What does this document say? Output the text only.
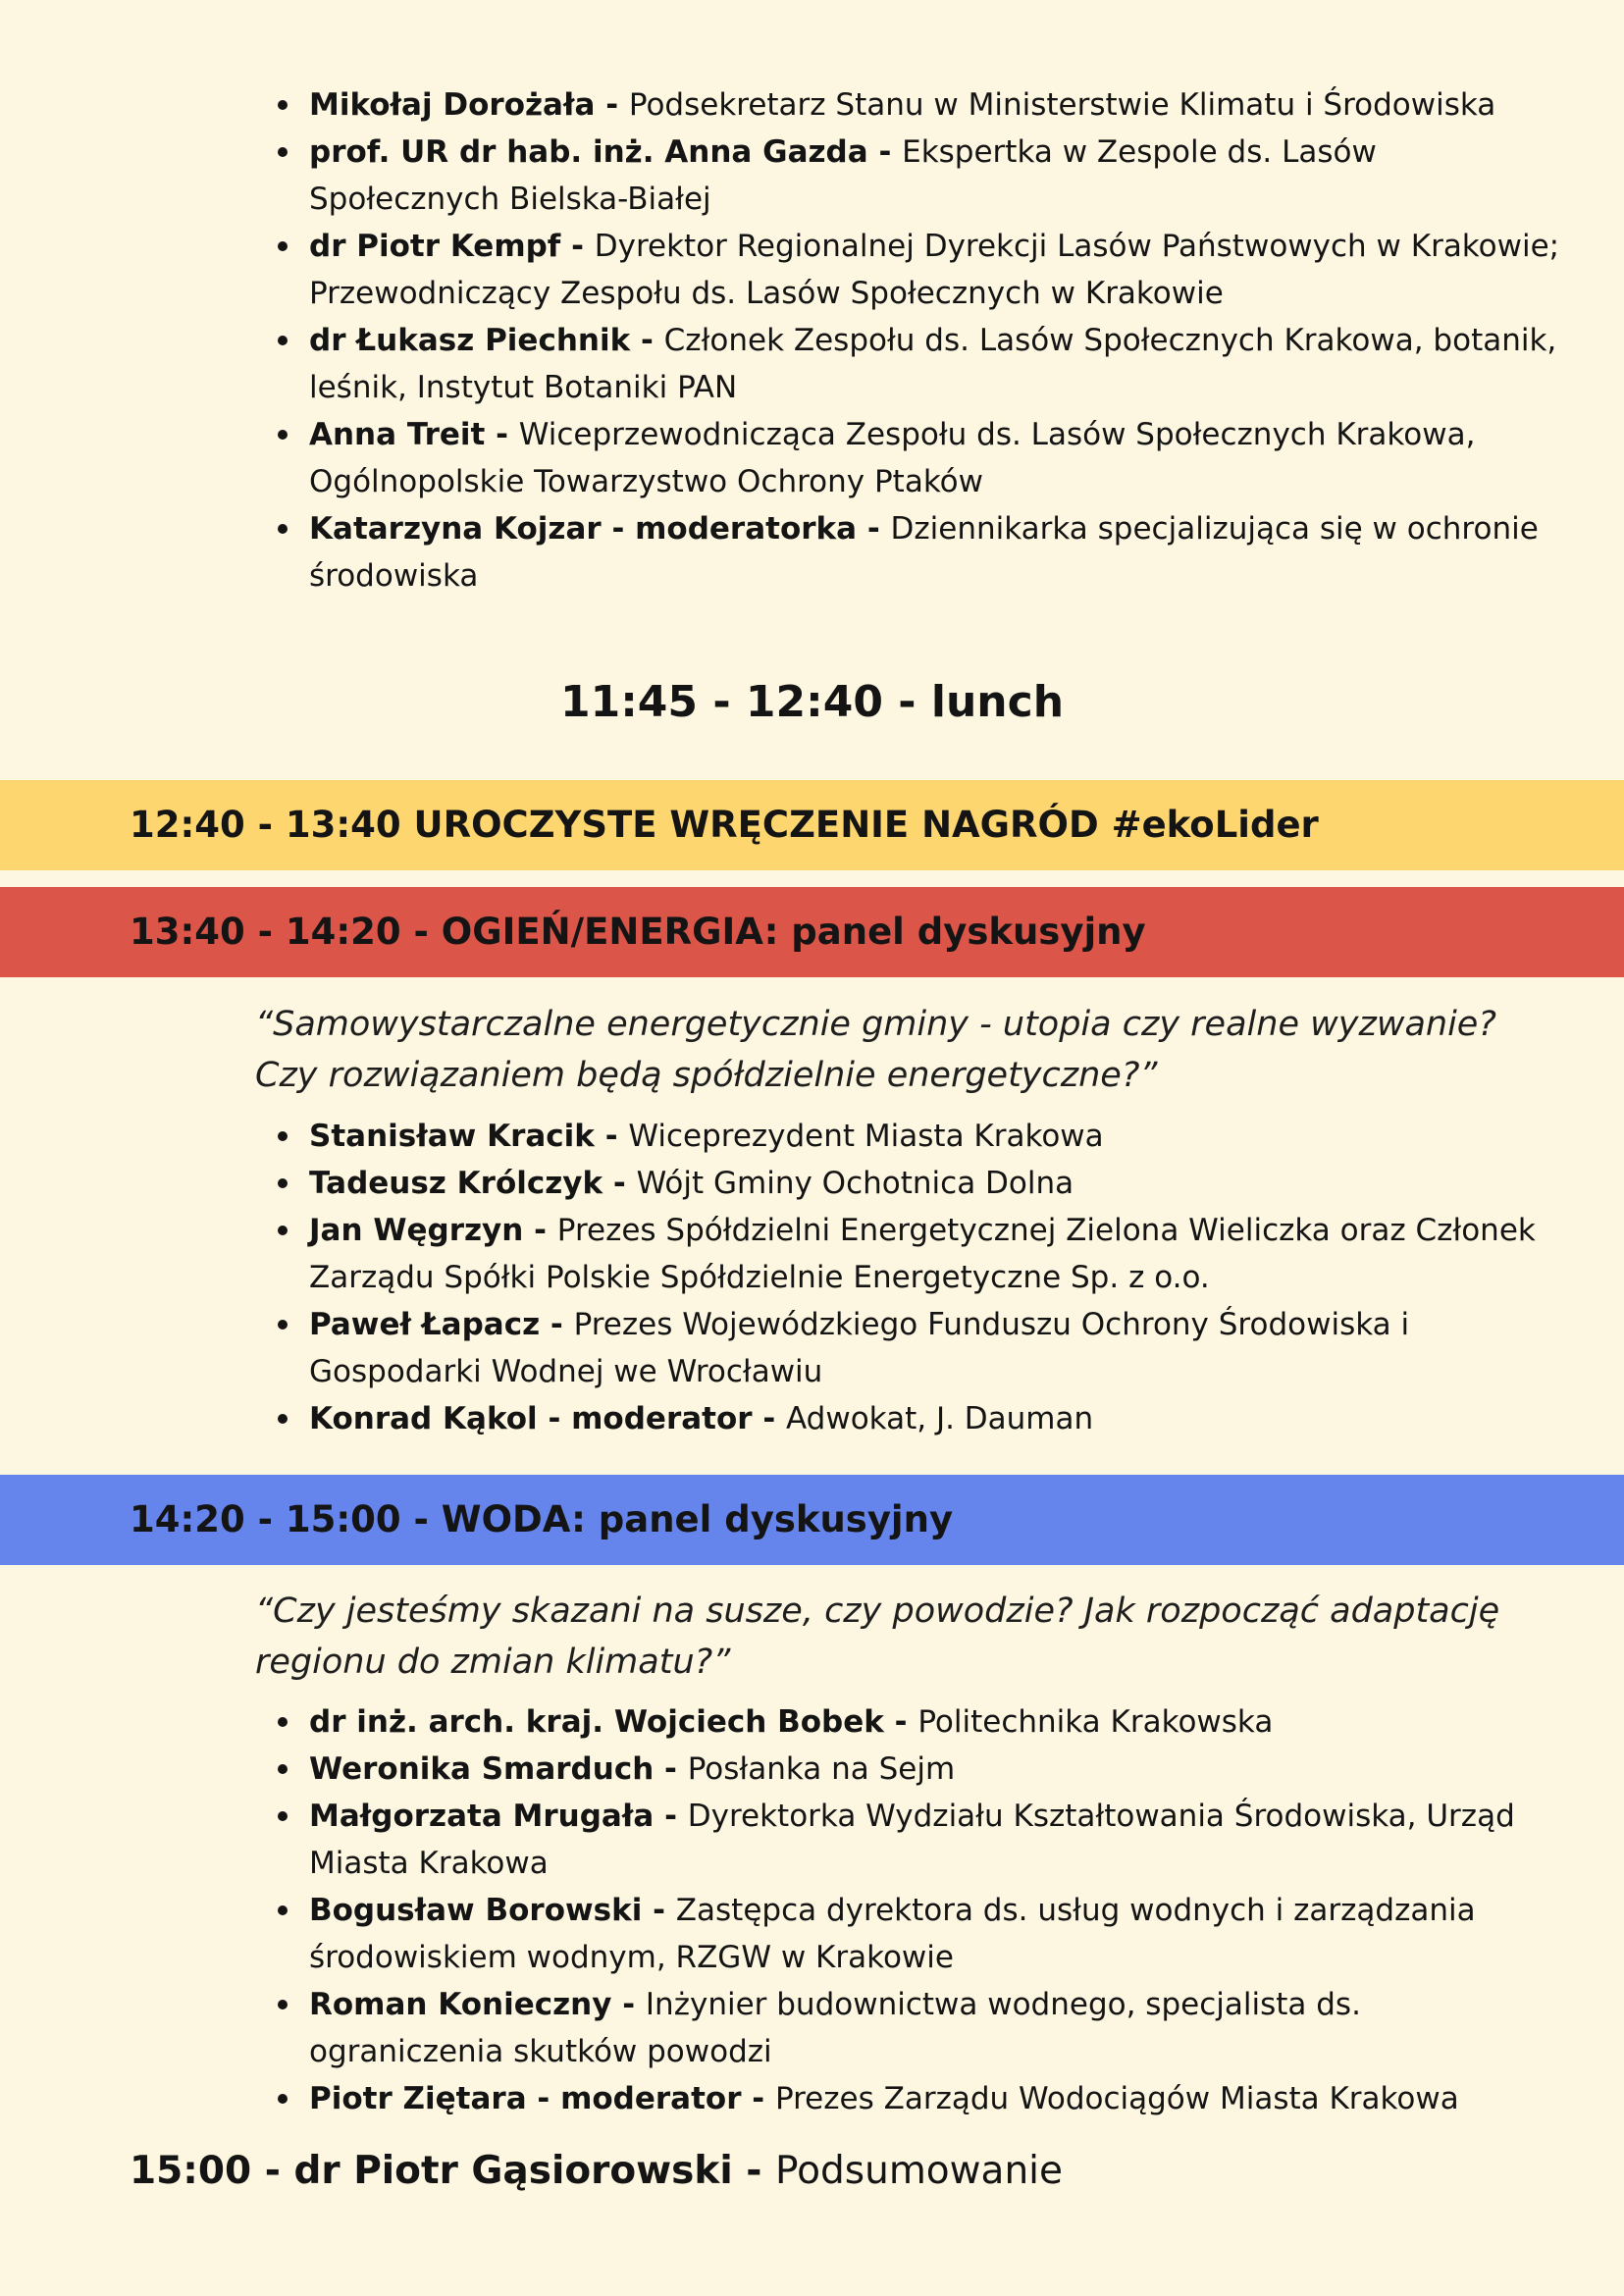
Mikołaj Dorożała - Podsekretarz Stanu w Ministerstwie Klimatu i Środowiska
prof. UR dr hab. inż. Anna Gazda - Ekspertka w Zespole ds. Lasów Społecznych Bielska-Białej
dr Piotr Kempf - Dyrektor Regionalnej Dyrekcji Lasów Państwowych w Krakowie; Przewodniczący Zespołu ds. Lasów Społecznych w Krakowie
dr Łukasz Piechnik - Członek Zespołu ds. Lasów Społecznych Krakowa, botanik, leśnik, Instytut Botaniki PAN
Anna Treit - Wiceprzewodnicząca Zespołu ds. Lasów Społecznych Krakowa, Ogólnopolskie Towarzystwo Ochrony Ptaków
Katarzyna Kojzar - moderatorka - Dziennikarka specjalizująca się w ochronie środowiska
11:45 - 12:40 - lunch
12:40 - 13:40 UROCZYSTE WRĘCZENIE NAGRÓD #ekoLider
13:40 - 14:20 - OGIEŃ/ENERGIA: panel dyskusyjny
“Samowystarczalne energetycznie gminy - utopia czy realne wyzwanie? Czy rozwiązaniem będą spółdzielnie energetyczne?”
Stanisław Kracik - Wiceprezydent Miasta Krakowa
Tadeusz Królczyk - Wójt Gminy Ochotnica Dolna
Jan Węgrzyn - Prezes Spółdzielni Energetycznej Zielona Wieliczka oraz Członek Zarządu Spółki Polskie Spółdzielnie Energetyczne Sp. z o.o.
Paweł Łapacz - Prezes Wojewódzkiego Funduszu Ochrony Środowiska i Gospodarki Wodnej we Wrocławiu
Konrad Kąkol - moderator - Adwokat, J. Dauman
14:20 - 15:00 - WODA: panel dyskusyjny
“Czy jesteśmy skazani na susze, czy powodzie? Jak rozpocząć adaptację regionu do zmian klimatu?”
dr inż. arch. kraj. Wojciech Bobek - Politechnika Krakowska
Weronika Smarduch - Posłanka na Sejm
Małgorzata Mrugała - Dyrektorka Wydziału Kształtowania Środowiska, Urząd Miasta Krakowa
Bogusław Borowski - Zastępca dyrektora ds. usług wodnych i zarządzania środowiskiem wodnym, RZGW w Krakowie
Roman Konieczny - Inżynier budownictwa wodnego, specjalista ds. ograniczenia skutków powodzi
Piotr Ziętara - moderator - Prezes Zarządu Wodociągów Miasta Krakowa
15:00 - dr Piotr Gąsiorowski - Podsumowanie
